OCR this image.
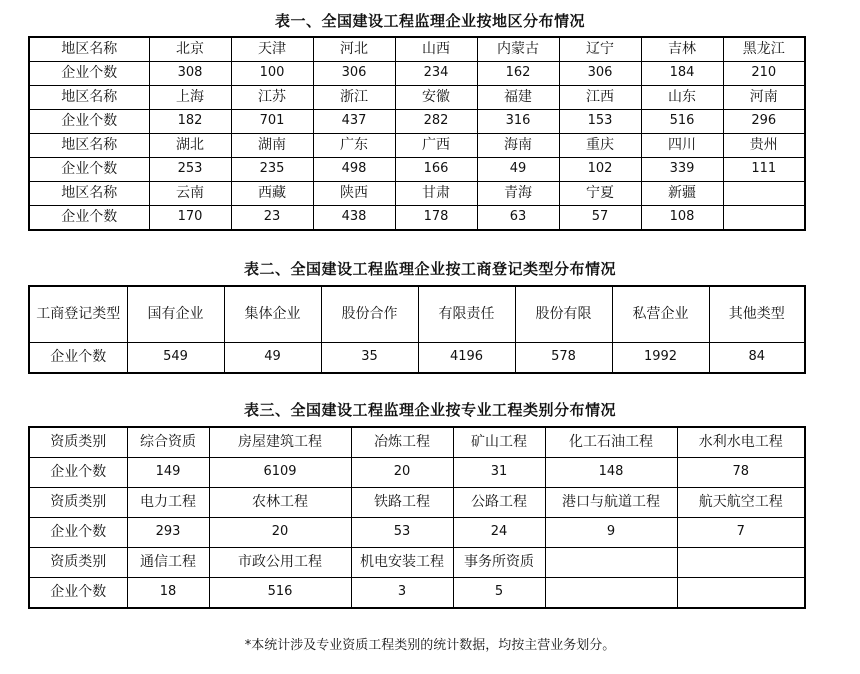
表一、全国建设工程监理企业按地区分布情况
地区名称	北京	天津	河北	山西	内蒙古	辽宁	吉林	黑龙江
企业个数	308	100	306	234	162	306	184	210
地区名称	上海	江苏	浙江	安徽	福建	江西	山东	河南
企业个数	182	701	437	282	316	153	516	296
地区名称	湖北	湖南	广东	广西	海南	重庆	四川	贵州
企业个数	253	235	498	166	49	102	339	111
地区名称	云南	西藏	陕西	甘肃	青海	宁夏	新疆	
企业个数	170	23	438	178	63	57	108	
表二、全国建设工程监理企业按工商登记类型分布情况
工商登记类型	国有企业	集体企业	股份合作	有限责任	股份有限	私营企业	其他类型
企业个数	549	49	35	4196	578	1992	84
表三、全国建设工程监理企业按专业工程类别分布情况
资质类别	综合资质	房屋建筑工程	冶炼工程	矿山工程	化工石油工程	水利水电工程
企业个数	149	6109	20	31	148	78
资质类别	电力工程	农林工程	铁路工程	公路工程	港口与航道工程	航天航空工程
企业个数	293	20	53	24	9	7
资质类别	通信工程	市政公用工程	机电安装工程	事务所资质		
企业个数	18	516	3	5		
*本统计涉及专业资质工程类别的统计数据，均按主营业务划分。
